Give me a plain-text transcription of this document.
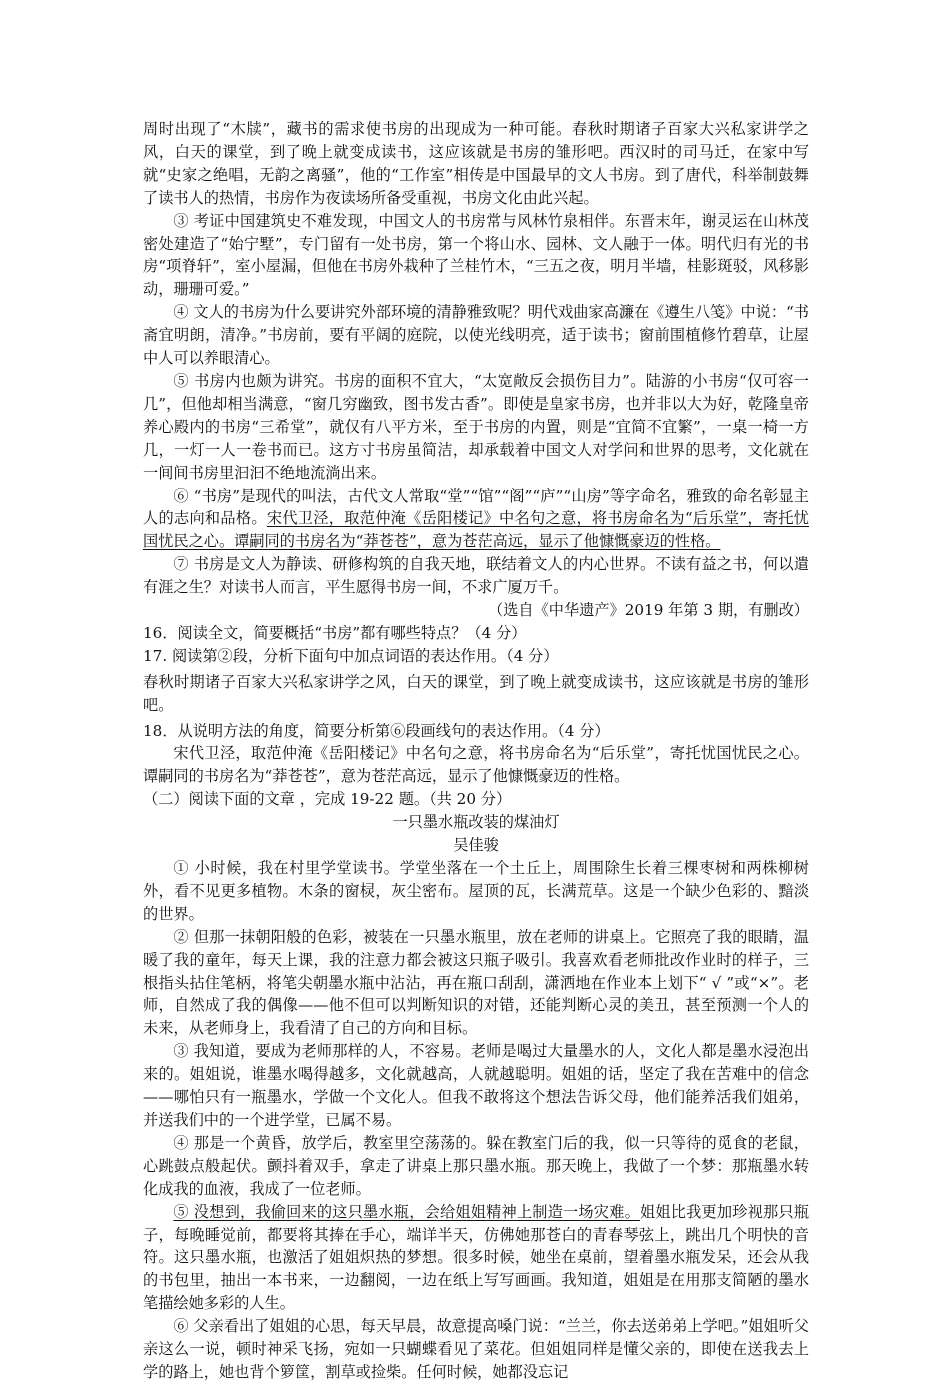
周时出现了“木牍”，藏书的需求使书房的出现成为一种可能。春秋时期诸子百家大兴私家讲学之风，白天的课堂，到了晚上就变成读书，这应该就是书房的雏形吧。西汉时的司马迁，在家中写就“史家之绝唱，无韵之离骚”，他的“工作室”相传是中国最早的文人书房。到了唐代，科举制鼓舞了读书人的热情，书房作为夜读场所备受重视，书房文化由此兴起。

③ 考证中国建筑史不难发现，中国文人的书房常与风林竹泉相伴。东晋末年，谢灵运在山林茂密处建造了“始宁墅”，专门留有一处书房，第一个将山水、园林、文人融于一体。明代归有光的书房“项脊轩”，室小屋漏，但他在书房外栽种了兰桂竹木，“三五之夜，明月半墙，桂影斑驳，风移影动，珊珊可爱。”

④ 文人的书房为什么要讲究外部环境的清静雅致呢？明代戏曲家高濂在《遵生八笺》中说：“书斋宜明朗，清净。”书房前，要有平阔的庭院，以使光线明亮，适于读书；窗前围植修竹碧草，让屋中人可以养眼清心。

⑤ 书房内也颇为讲究。书房的面积不宜大，“太宽敞反会损伤目力”。陆游的小书房“仅可容一几”，但他却相当满意，“窗几穷幽致，图书发古香”。即使是皇家书房，也并非以大为好，乾隆皇帝养心殿内的书房“三希堂”，就仅有八平方米，至于书房的内置，则是“宜简不宜繁”，一桌一椅一方几，一灯一人一卷书而已。这方寸书房虽简洁，却承载着中国文人对学问和世界的思考，文化就在一间间书房里汩汩不绝地流淌出来。

⑥ “书房”是现代的叫法，古代文人常取“堂”“馆”“阁”“庐”“山房”等字命名，雅致的命名彰显主人的志向和品格。宋代卫泾，取范仲淹《岳阳楼记》中名句之意，将书房命名为“后乐堂”，寄托忧国忧民之心。谭嗣同的书房名为“莽苍苍”，意为苍茫高远，显示了他慷慨豪迈的性格。

⑦ 书房是文人为静读、研修构筑的自我天地，联结着文人的内心世界。不读有益之书，何以遣有涯之生？对读书人而言，平生愿得书房一间，不求广厦万千。

（选自《中华遗产》2019 年第 3 期，有删改）

16．阅读全文，简要概括“书房”都有哪些特点？（4 分）

17. 阅读第②段，分析下面句中加点词语的表达作用。（4 分）

春秋时期诸子百家大兴私家讲学之风，白天的课堂，到了晚上就变成读书，这应该就是书房的雏形吧。

18．从说明方法的角度，简要分析第⑥段画线句的表达作用。（4 分）

宋代卫泾，取范仲淹《岳阳楼记》中名句之意，将书房命名为“后乐堂”，寄托忧国忧民之心。谭嗣同的书房名为“莽苍苍”，意为苍茫高远，显示了他慷慨豪迈的性格。

（二）阅读下面的文章 ，完成 19-22 题。（共 20 分）

一只墨水瓶改装的煤油灯

吴佳骏

① 小时候，我在村里学堂读书。学堂坐落在一个土丘上，周围除生长着三棵枣树和两株柳树外，看不见更多植物。木条的窗棂，灰尘密布。屋顶的瓦，长满荒草。这是一个缺少色彩的、黯淡的世界。

② 但那一抹朝阳般的色彩，被装在一只墨水瓶里，放在老师的讲桌上。它照亮了我的眼睛，温暖了我的童年，每天上课，我的注意力都会被这只瓶子吸引。我喜欢看老师批改作业时的样子，三根指头拈住笔柄，将笔尖朝墨水瓶中沾沾，再在瓶口刮刮，潇洒地在作业本上划下“ √ ”或“×”。老师，自然成了我的偶像——他不但可以判断知识的对错，还能判断心灵的美丑，甚至预测一个人的未来，从老师身上，我看清了自己的方向和目标。

③ 我知道，要成为老师那样的人，不容易。老师是喝过大量墨水的人，文化人都是墨水浸泡出来的。姐姐说，谁墨水喝得越多，文化就越高，人就越聪明。姐姐的话，坚定了我在苦难中的信念——哪怕只有一瓶墨水，学做一个文化人。但我不敢将这个想法告诉父母，他们能养活我们姐弟，并送我们中的一个进学堂，已属不易。

④ 那是一个黄昏，放学后，教室里空荡荡的。躲在教室门后的我，似一只等待的觅食的老鼠，心跳鼓点般起伏。颤抖着双手，拿走了讲桌上那只墨水瓶。那天晚上，我做了一个梦：那瓶墨水转化成我的血液，我成了一位老师。

⑤ 没想到，我偷回来的这只墨水瓶，会给姐姐精神上制造一场灾难。姐姐比我更加珍视那只瓶子，每晚睡觉前，都要将其捧在手心，端详半天，仿佛她那苍白的青春琴弦上，跳出几个明快的音符。这只墨水瓶，也激活了姐姐炽热的梦想。很多时候，她坐在桌前，望着墨水瓶发呆，还会从我的书包里，抽出一本书来，一边翻阅，一边在纸上写写画画。我知道，姐姐是在用那支简陋的墨水笔描绘她多彩的人生。

⑥ 父亲看出了姐姐的心思，每天早晨，故意提高嗓门说：“兰兰，你去送弟弟上学吧。”姐姐听父亲这么一说，顿时神采飞扬，宛如一只蝴蝶看见了菜花。但姐姐同样是懂父亲的，即使在送我去上学的路上，她也背个箩筐，割草或捡柴。任何时候，她都没忘记
